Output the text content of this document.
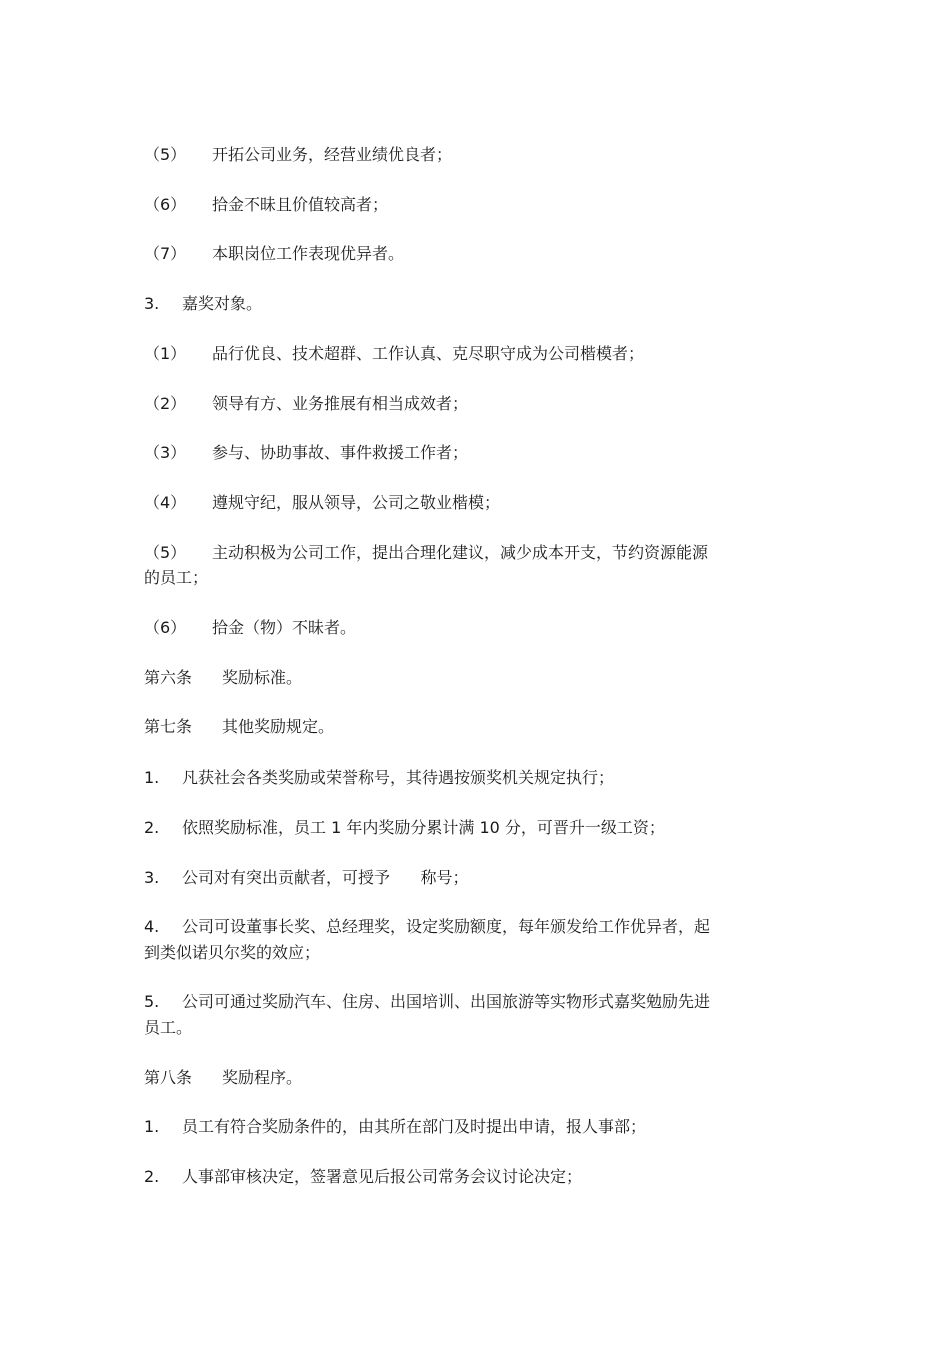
（5） 开拓公司业务，经营业绩优良者；
（6） 拾金不昧且价值较高者；
（7） 本职岗位工作表现优异者。
3. 嘉奖对象。
（1） 品行优良、技术超群、工作认真、克尽职守成为公司楷模者；
（2） 领导有方、业务推展有相当成效者；
（3） 参与、协助事故、事件救援工作者；
（4） 遵规守纪，服从领导，公司之敬业楷模；
（5） 主动积极为公司工作，提出合理化建议，减少成本开支，节约资源能源
的员工；
（6） 拾金（物）不昧者。
第六条 奖励标准。
第七条 其他奖励规定。
1. 凡获社会各类奖励或荣誉称号，其待遇按颁奖机关规定执行；
2. 依照奖励标准，员工 1 年内奖励分累计满 10 分，可晋升一级工资；
3. 公司对有突出贡献者，可授予      称号；
4. 公司可设董事长奖、总经理奖，设定奖励额度，每年颁发给工作优异者，起
到类似诺贝尔奖的效应；
5. 公司可通过奖励汽车、住房、出国培训、出国旅游等实物形式嘉奖勉励先进
员工。
第八条 奖励程序。
1. 员工有符合奖励条件的，由其所在部门及时提出申请，报人事部；
2. 人事部审核决定，签署意见后报公司常务会议讨论决定；
